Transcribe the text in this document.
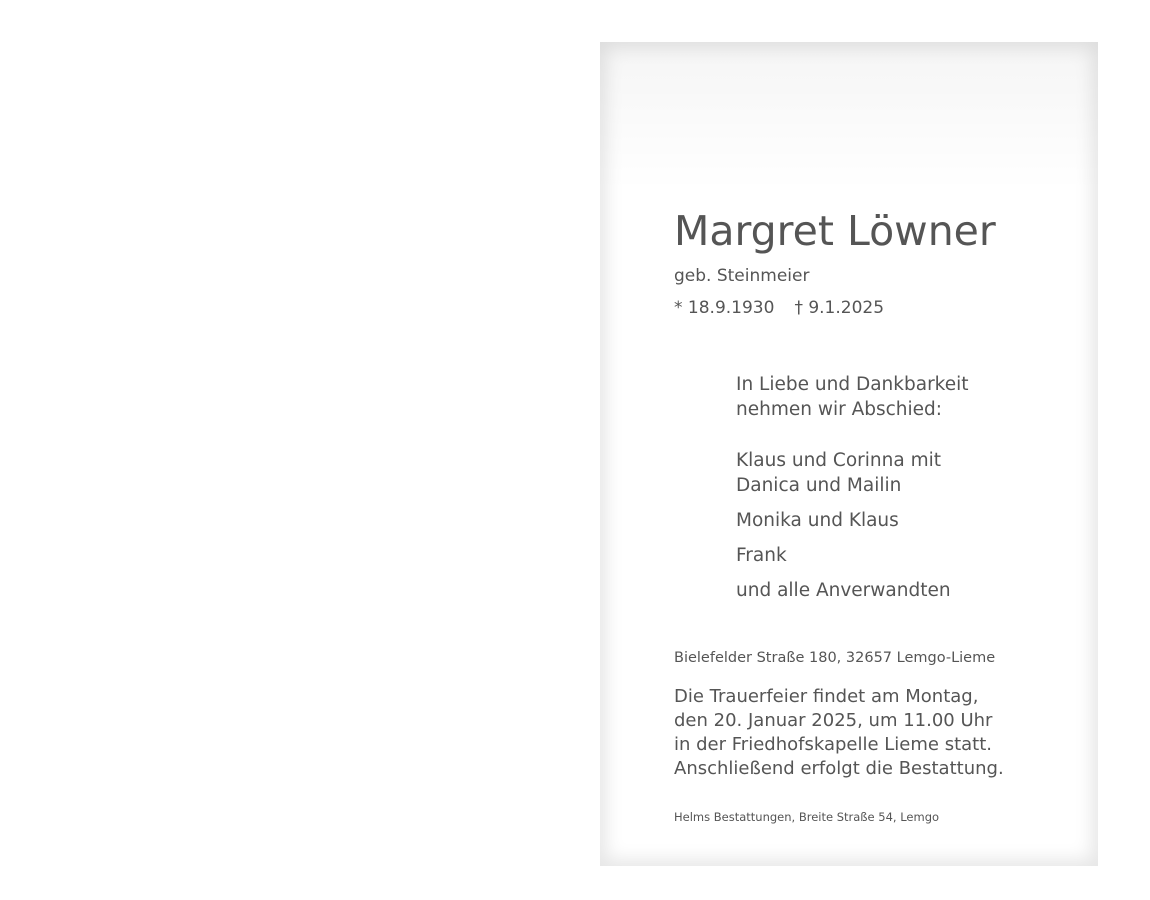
Margret Löwner
geb. Steinmeier
* 18.9.1930 † 9.1.2025
In Liebe und Dankbarkeit
nehmen wir Abschied:
Klaus und Corinna mit
Danica und Mailin
Monika und Klaus
Frank
und alle Anverwandten
Bielefelder Straße 180, 32657 Lemgo-Lieme
Die Trauerfeier findet am Montag,
den 20. Januar 2025, um 11.00 Uhr
in der Friedhofskapelle Lieme statt.
Anschließend erfolgt die Bestattung.
Helms Bestattungen, Breite Straße 54, Lemgo
